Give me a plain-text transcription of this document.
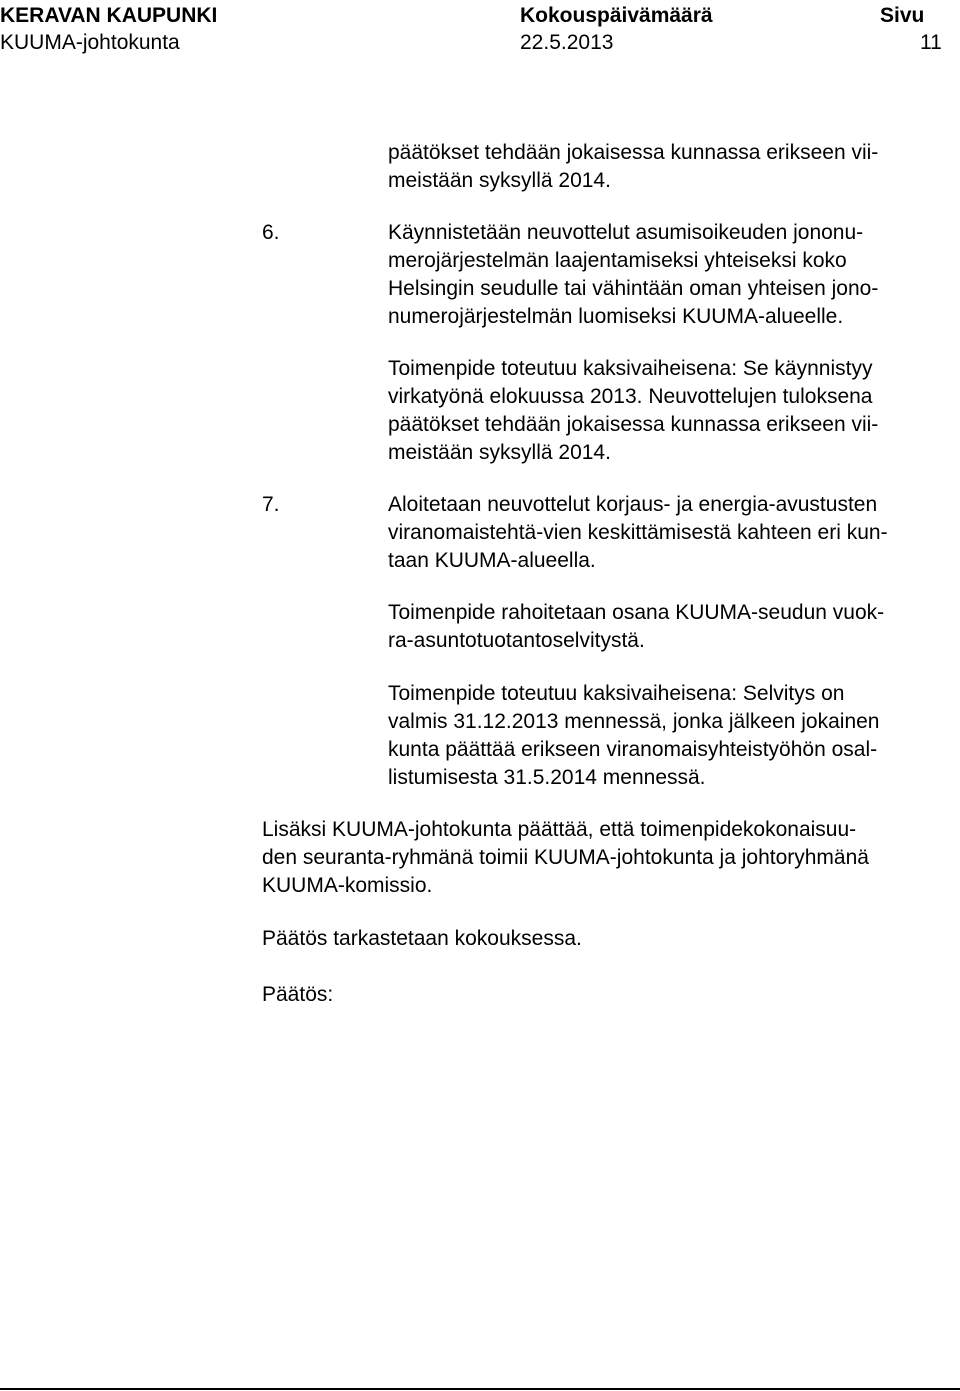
KERAVAN KAUPUNKI
KUUMA-johtokunta
Kokouspäivämäärä
22.5.2013
Sivu
11
päätökset tehdään jokaisessa kunnassa erikseen vii-
meistään syksyllä 2014.
6.	Käynnistetään neuvottelut asumisoikeuden jononu-
merojärjestelmän laajentamiseksi yhteiseksi koko
Helsingin seudulle tai vähintään oman yhteisen jono-
numerojärjestelmän luomiseksi KUUMA-alueelle.
Toimenpide toteutuu kaksivaiheisena: Se käynnistyy
virkatyönä elokuussa 2013. Neuvottelujen tuloksena
päätökset tehdään jokaisessa kunnassa erikseen vii-
meistään syksyllä 2014.
7.	Aloitetaan neuvottelut korjaus- ja energia-avustusten
viranomaistehtä-vien keskittämisestä kahteen eri kun-
taan KUUMA-alueella.
Toimenpide rahoitetaan osana KUUMA-seudun vuok-
ra-asuntotuotantoselvitystä.
Toimenpide toteutuu kaksivaiheisena: Selvitys on
valmis 31.12.2013 mennessä, jonka jälkeen jokainen
kunta päättää erikseen viranomaisyhteistyöhön osal-
listumisesta 31.5.2014 mennessä.
Lisäksi KUUMA-johtokunta päättää, että toimenpidekokonaisuu-
den seuranta-ryhmänä toimii KUUMA-johtokunta ja johtoryhmänä
KUUMA-komissio.
Päätös tarkastetaan kokouksessa.
Päätös:
